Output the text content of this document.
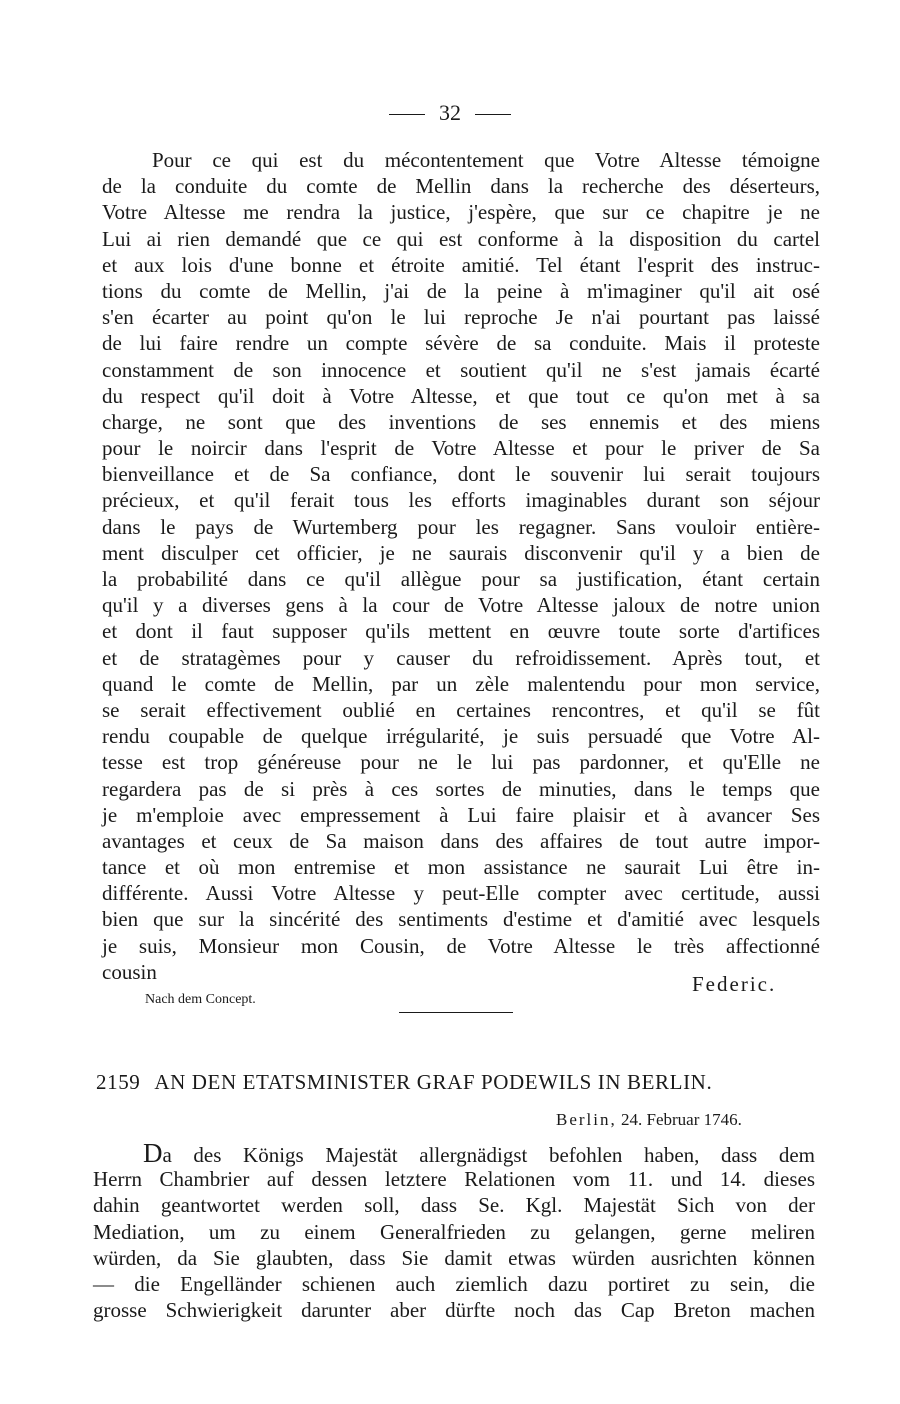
32
Pour ce qui est du mécontentement que Votre Altesse témoigne
de la conduite du comte de Mellin dans la recherche des déserteurs,
Votre Altesse me rendra la justice, j'espère, que sur ce chapitre je ne
Lui ai rien demandé que ce qui est conforme à la disposition du cartel
et aux lois d'une bonne et étroite amitié. Tel étant l'esprit des instruc-
tions du comte de Mellin, j'ai de la peine à m'imaginer qu'il ait osé
s'en écarter au point qu'on le lui reproche Je n'ai pourtant pas laissé
de lui faire rendre un compte sévère de sa conduite. Mais il proteste
constamment de son innocence et soutient qu'il ne s'est jamais écarté
du respect qu'il doit à Votre Altesse, et que tout ce qu'on met à sa
charge, ne sont que des inventions de ses ennemis et des miens
pour le noircir dans l'esprit de Votre Altesse et pour le priver de Sa
bienveillance et de Sa confiance, dont le souvenir lui serait toujours
précieux, et qu'il ferait tous les efforts imaginables durant son séjour
dans le pays de Wurtemberg pour les regagner. Sans vouloir entière-
ment disculper cet officier, je ne saurais disconvenir qu'il y a bien de
la probabilité dans ce qu'il allègue pour sa justification, étant certain
qu'il y a diverses gens à la cour de Votre Altesse jaloux de notre union
et dont il faut supposer qu'ils mettent en œuvre toute sorte d'artifices
et de stratagèmes pour y causer du refroidissement. Après tout, et
quand le comte de Mellin, par un zèle malentendu pour mon service,
se serait effectivement oublié en certaines rencontres, et qu'il se fût
rendu coupable de quelque irrégularité, je suis persuadé que Votre Al-
tesse est trop généreuse pour ne le lui pas pardonner, et qu'Elle ne
regardera pas de si près à ces sortes de minuties, dans le temps que
je m'emploie avec empressement à Lui faire plaisir et à avancer Ses
avantages et ceux de Sa maison dans des affaires de tout autre impor-
tance et où mon entremise et mon assistance ne saurait Lui être in-
différente. Aussi Votre Altesse y peut-Elle compter avec certitude, aussi
bien que sur la sincérité des sentiments d'estime et d'amitié avec lesquels
je suis, Monsieur mon Cousin, de Votre Altesse le très affectionné
cousin
Federic.
Nach dem Concept.
2159 AN DEN ETATSMINISTER GRAF PODEWILS IN BERLIN.
Berlin, 24. Februar 1746.
Da des Königs Majestät allergnädigst befohlen haben, dass dem
Herrn Chambrier auf dessen letztere Relationen vom 11. und 14. dieses
dahin geantwortet werden soll, dass Se. Kgl. Majestät Sich von der
Mediation, um zu einem Generalfrieden zu gelangen, gerne meliren
würden, da Sie glaubten, dass Sie damit etwas würden ausrichten können
— die Engelländer schienen auch ziemlich dazu portiret zu sein, die
grosse Schwierigkeit darunter aber dürfte noch das Cap Breton machen
